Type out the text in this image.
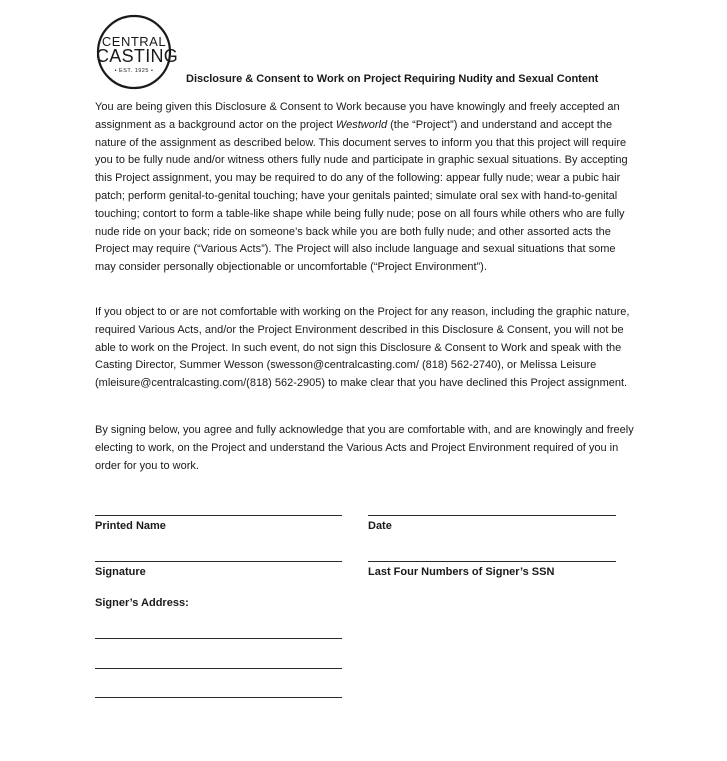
CENTRAL
CASTING
• EST. 1925 •
Disclosure & Consent to Work on Project Requiring Nudity and Sexual Content

You are being given this Disclosure & Consent to Work because you have knowingly and freely accepted an assignment as a background actor on the project Westworld (the “Project”) and understand and accept the nature of the assignment as described below. This document serves to inform you that this project will require you to be fully nude and/or witness others fully nude and participate in graphic sexual situations. By accepting this Project assignment, you may be required to do any of the following: appear fully nude; wear a pubic hair patch; perform genital-to-genital touching; have your genitals painted; simulate oral sex with hand-to-genital touching; contort to form a table-like shape while being fully nude; pose on all fours while others who are fully nude ride on your back; ride on someone’s back while you are both fully nude; and other assorted acts the Project may require (“Various Acts”). The Project will also include language and sexual situations that some may consider personally objectionable or uncomfortable (“Project Environment”).

If you object to or are not comfortable with working on the Project for any reason, including the graphic nature, required Various Acts, and/or the Project Environment described in this Disclosure & Consent, you will not be able to work on the Project. In such event, do not sign this Disclosure & Consent to Work and speak with the Casting Director, Summer Wesson (swesson@centralcasting.com/ (818) 562-2740), or Melissa Leisure (mleisure@centralcasting.com/(818) 562-2905) to make clear that you have declined this Project assignment.

By signing below, you agree and fully acknowledge that you are comfortable with, and are knowingly and freely electing to work, on the Project and understand the Various Acts and Project Environment required of you in order for you to work.

Printed Name	Date
Signature	Last Four Numbers of Signer’s SSN
Signer’s Address:
